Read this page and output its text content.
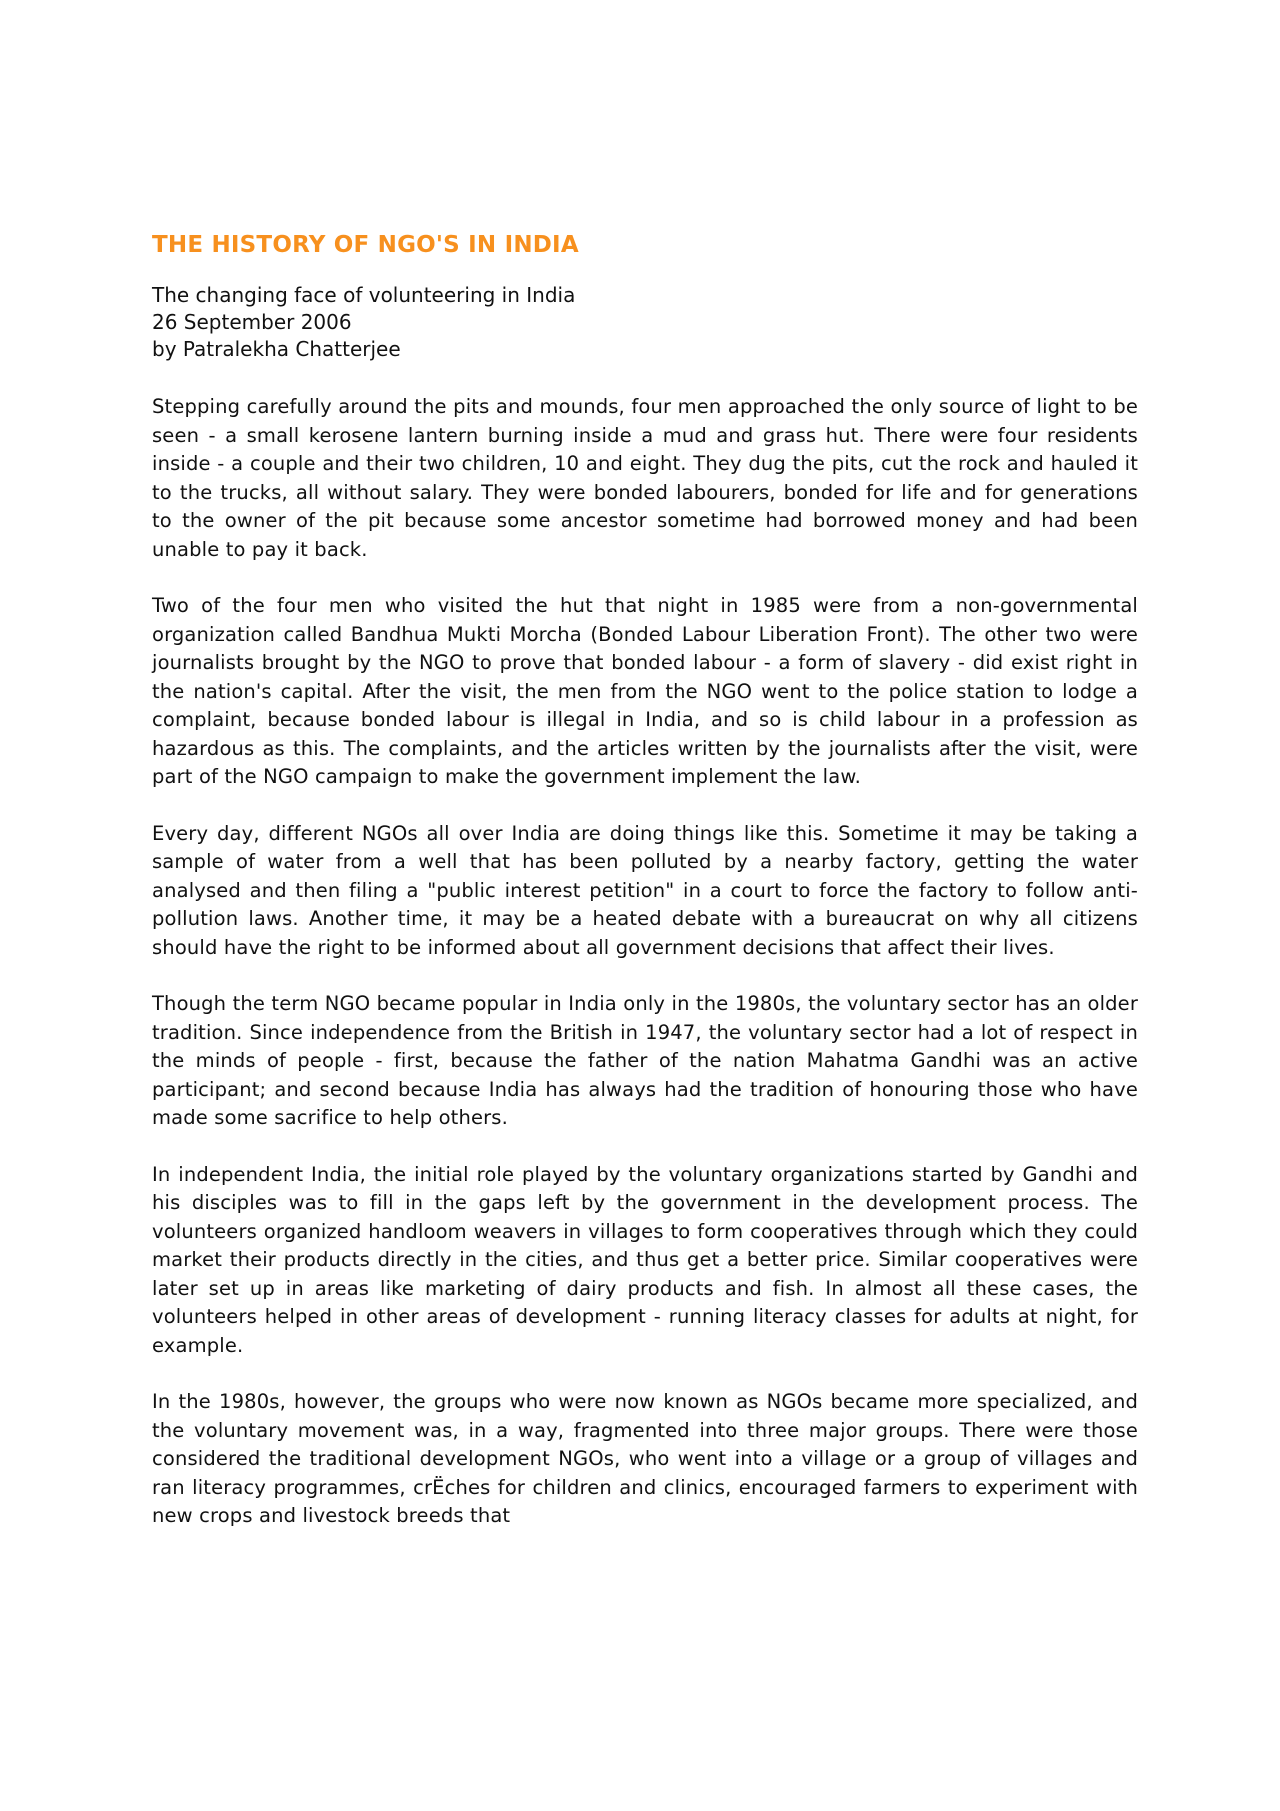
THE HISTORY OF NGO'S IN INDIA
The changing face of volunteering in India
26 September 2006
by Patralekha Chatterjee

Stepping carefully around the pits and mounds, four men approached the only source of light to be seen - a small kerosene lantern burning inside a mud and grass hut. There were four residents inside - a couple and their two children, 10 and eight. They dug the pits, cut the rock and hauled it to the trucks, all without salary. They were bonded labourers, bonded for life and for generations to the owner of the pit because some ancestor sometime had borrowed money and had been unable to pay it back.

Two of the four men who visited the hut that night in 1985 were from a non-governmental organization called Bandhua Mukti Morcha (Bonded Labour Liberation Front). The other two were journalists brought by the NGO to prove that bonded labour - a form of slavery - did exist right in the nation's capital. After the visit, the men from the NGO went to the police station to lodge a complaint, because bonded labour is illegal in India, and so is child labour in a profession as hazardous as this. The complaints, and the articles written by the journalists after the visit, were part of the NGO campaign to make the government implement the law.

Every day, different NGOs all over India are doing things like this. Sometime it may be taking a sample of water from a well that has been polluted by a nearby factory, getting the water analysed and then filing a "public interest petition" in a court to force the factory to follow anti-pollution laws. Another time, it may be a heated debate with a bureaucrat on why all citizens should have the right to be informed about all government decisions that affect their lives.

Though the term NGO became popular in India only in the 1980s, the voluntary sector has an older tradition. Since independence from the British in 1947, the voluntary sector had a lot of respect in the minds of people - first, because the father of the nation Mahatma Gandhi was an active participant; and second because India has always had the tradition of honouring those who have made some sacrifice to help others.

In independent India, the initial role played by the voluntary organizations started by Gandhi and his disciples was to fill in the gaps left by the government in the development process. The volunteers organized handloom weavers in villages to form cooperatives through which they could market their products directly in the cities, and thus get a better price. Similar cooperatives were later set up in areas like marketing of dairy products and fish. In almost all these cases, the volunteers helped in other areas of development - running literacy classes for adults at night, for example.

In the 1980s, however, the groups who were now known as NGOs became more specialized, and the voluntary movement was, in a way, fragmented into three major groups. There were those considered the traditional development NGOs, who went into a village or a group of villages and ran literacy programmes, crËches for children and clinics, encouraged farmers to experiment with new crops and livestock breeds that
